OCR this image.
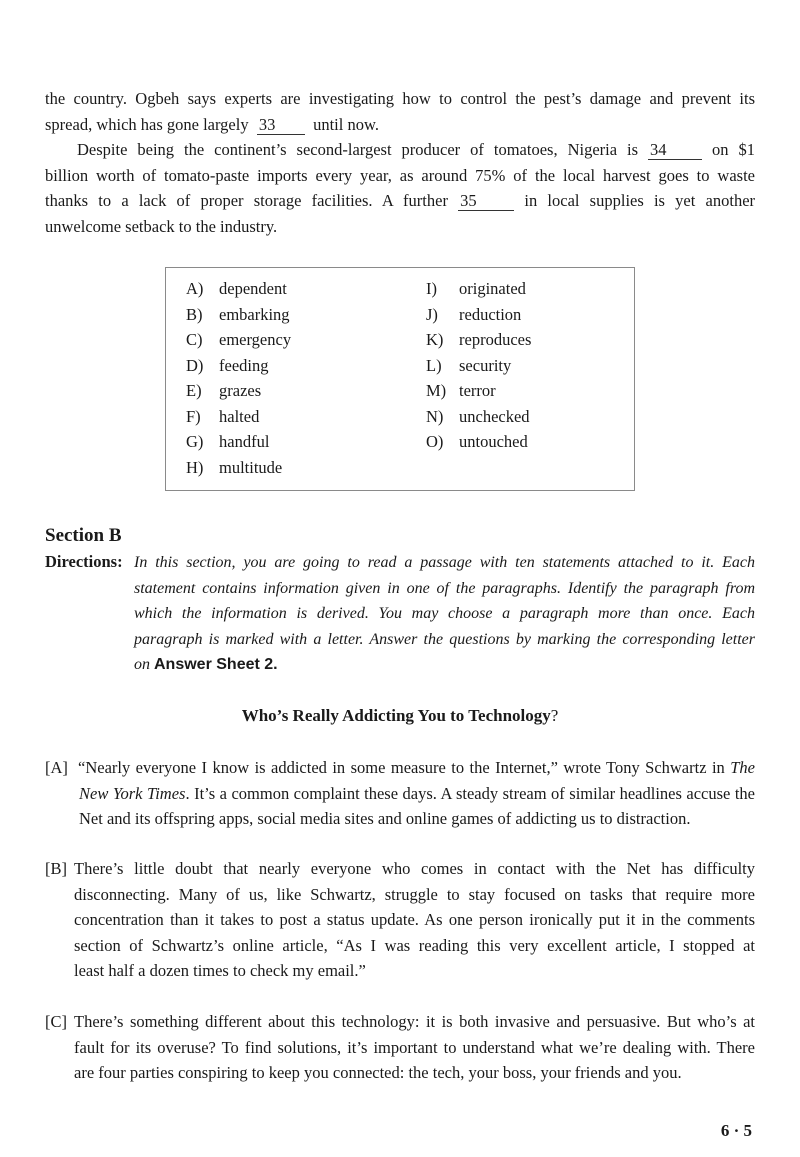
the country. Ogbeh says experts are investigating how to control the pest’s damage and prevent its
spread, which has gone largely 33 until now.
Despite being the continent’s second-largest producer of tomatoes, Nigeria is 34	on $1
billion worth of tomato-paste imports every year, as around 75% of the local harvest goes to waste
thanks to a lack of proper storage facilities. A further 35	in local supplies is yet another
unwelcome setback to the industry.
A) dependent
B) embarking
C) emergency
D) feeding
E) grazes
F) halted
G) handful
H) multitude
I) originated
J) reduction
K) reproduces
L) security
M) terror
N) unchecked
O) untouched
Section B
Directions: In this section, you are going to read a passage with ten statements attached to it. Each
statement contains information given in one of the paragraphs. Identify the paragraph from
which the information is derived. You may choose a paragraph more than once. Each
paragraph is marked with a letter. Answer the questions by marking the corresponding letter
on Answer Sheet 2.
Who’s Really Addicting You to Technology?
[A] “Nearly everyone I know is addicted in some measure to the Internet,” wrote Tony Schwartz in The
New York Times. It’s a common complaint these days. A steady stream of similar headlines accuse the
Net and its offspring apps, social media sites and online games of addicting us to distraction.
[B] There’s little doubt that nearly everyone who comes in contact with the Net has difficulty
disconnecting. Many of us, like Schwartz, struggle to stay focused on tasks that require more
concentration than it takes to post a status update. As one person ironically put it in the comments
section of Schwartz’s online article, “As I was reading this very excellent article, I stopped at
least half a dozen times to check my email.”
[C] There’s something different about this technology: it is both invasive and persuasive. But who’s at
fault for its overuse? To find solutions, it’s important to understand what we’re dealing with. There
are four parties conspiring to keep you connected: the tech, your boss, your friends and you.
6 · 5
